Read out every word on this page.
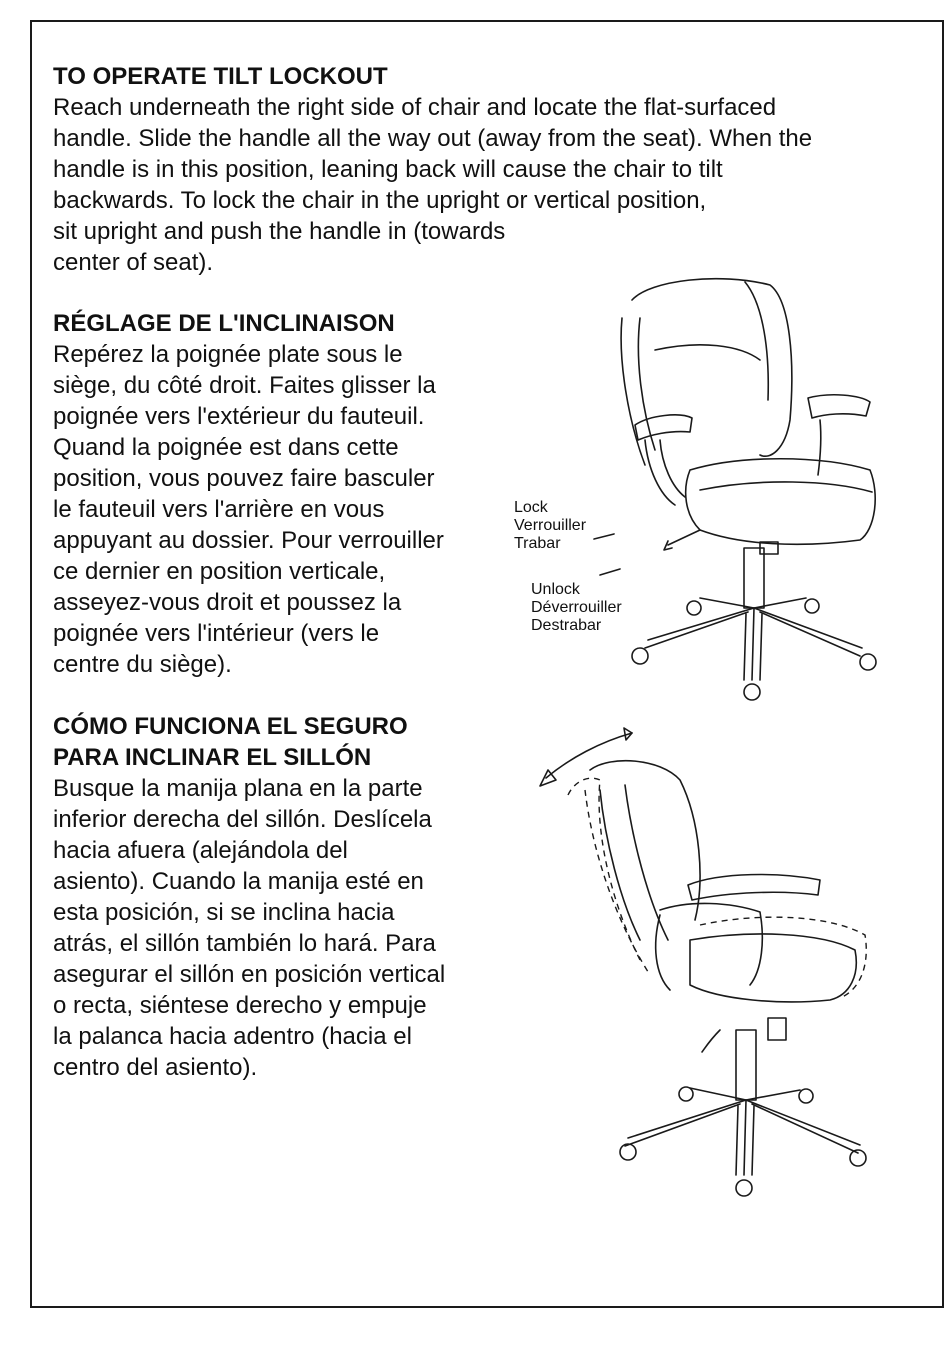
TO OPERATE TILT LOCKOUT
Reach underneath the right side of chair and locate the flat-surfaced
handle. Slide the handle all the way out (away from the seat). When the
handle is in this position, leaning back will cause the chair to tilt
backwards. To lock the chair in the upright or vertical position,
sit upright and push the handle in (towards
center of seat).
RÉGLAGE DE L'INCLINAISON
Repérez la poignée plate sous le
siège, du côté droit. Faites glisser la
poignée vers l'extérieur du fauteuil.
Quand la poignée est dans cette
position, vous pouvez faire basculer
le fauteuil vers l'arrière en vous
appuyant au dossier. Pour verrouiller
ce dernier en position verticale,
asseyez-vous droit et poussez la
poignée vers l'intérieur (vers le
centre du siège).
CÓMO FUNCIONA EL SEGURO
PARA INCLINAR EL SILLÓN
Busque la manija plana en la parte
inferior derecha del sillón. Deslícela
hacia afuera (alejándola del
asiento). Cuando la manija esté en
esta posición, si se inclina hacia
atrás, el sillón también lo hará. Para
asegurar el sillón en posición vertical
o recta, siéntese derecho y empuje
la palanca hacia adentro (hacia el
centro del asiento).
Lock
Verrouiller
Trabar
Unlock
Déverrouiller
Destrabar
